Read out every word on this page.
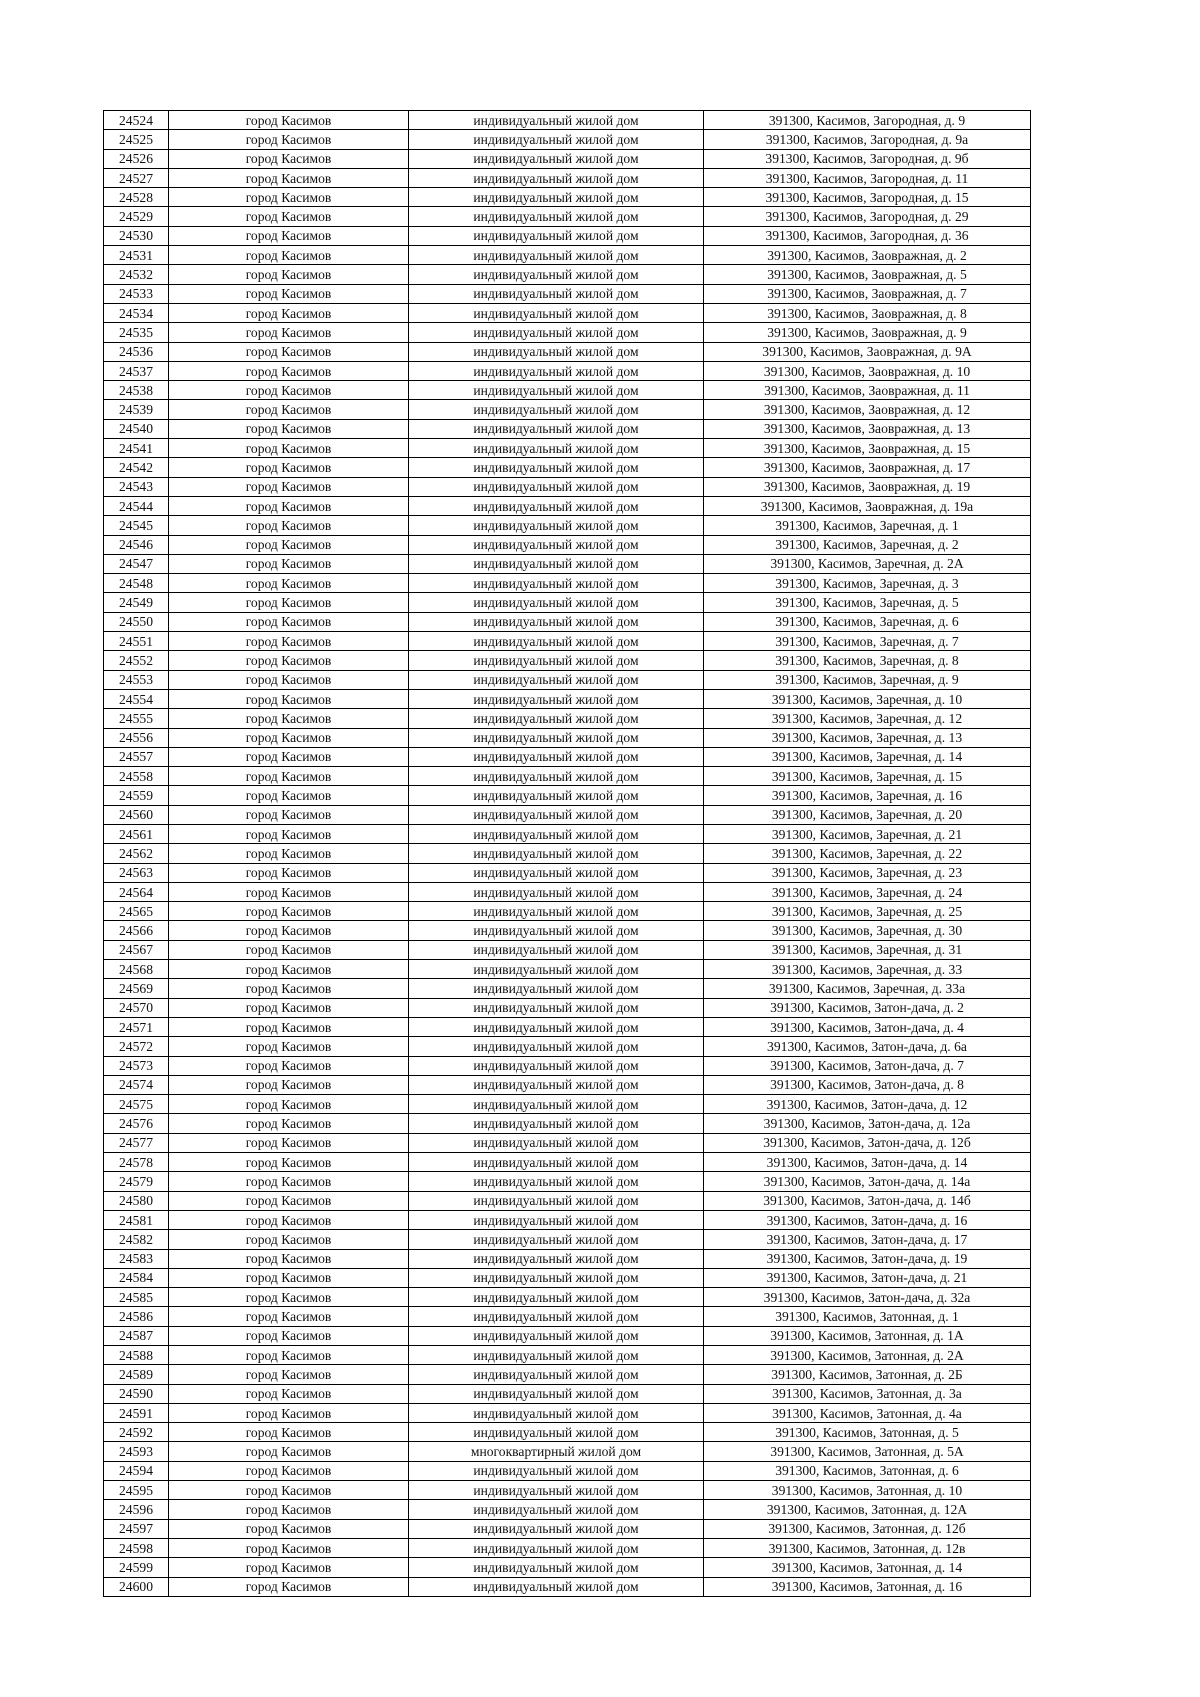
24524	город Касимов	индивидуальный жилой дом	391300, Касимов, Загородная, д. 9
24525	город Касимов	индивидуальный жилой дом	391300, Касимов, Загородная, д. 9а
24526	город Касимов	индивидуальный жилой дом	391300, Касимов, Загородная, д. 9б
24527	город Касимов	индивидуальный жилой дом	391300, Касимов, Загородная, д. 11
24528	город Касимов	индивидуальный жилой дом	391300, Касимов, Загородная, д. 15
24529	город Касимов	индивидуальный жилой дом	391300, Касимов, Загородная, д. 29
24530	город Касимов	индивидуальный жилой дом	391300, Касимов, Загородная, д. 36
24531	город Касимов	индивидуальный жилой дом	391300, Касимов, Заовражная, д. 2
24532	город Касимов	индивидуальный жилой дом	391300, Касимов, Заовражная, д. 5
24533	город Касимов	индивидуальный жилой дом	391300, Касимов, Заовражная, д. 7
24534	город Касимов	индивидуальный жилой дом	391300, Касимов, Заовражная, д. 8
24535	город Касимов	индивидуальный жилой дом	391300, Касимов, Заовражная, д. 9
24536	город Касимов	индивидуальный жилой дом	391300, Касимов, Заовражная, д. 9А
24537	город Касимов	индивидуальный жилой дом	391300, Касимов, Заовражная, д. 10
24538	город Касимов	индивидуальный жилой дом	391300, Касимов, Заовражная, д. 11
24539	город Касимов	индивидуальный жилой дом	391300, Касимов, Заовражная, д. 12
24540	город Касимов	индивидуальный жилой дом	391300, Касимов, Заовражная, д. 13
24541	город Касимов	индивидуальный жилой дом	391300, Касимов, Заовражная, д. 15
24542	город Касимов	индивидуальный жилой дом	391300, Касимов, Заовражная, д. 17
24543	город Касимов	индивидуальный жилой дом	391300, Касимов, Заовражная, д. 19
24544	город Касимов	индивидуальный жилой дом	391300, Касимов, Заовражная, д. 19а
24545	город Касимов	индивидуальный жилой дом	391300, Касимов, Заречная, д. 1
24546	город Касимов	индивидуальный жилой дом	391300, Касимов, Заречная, д. 2
24547	город Касимов	индивидуальный жилой дом	391300, Касимов, Заречная, д. 2А
24548	город Касимов	индивидуальный жилой дом	391300, Касимов, Заречная, д. 3
24549	город Касимов	индивидуальный жилой дом	391300, Касимов, Заречная, д. 5
24550	город Касимов	индивидуальный жилой дом	391300, Касимов, Заречная, д. 6
24551	город Касимов	индивидуальный жилой дом	391300, Касимов, Заречная, д. 7
24552	город Касимов	индивидуальный жилой дом	391300, Касимов, Заречная, д. 8
24553	город Касимов	индивидуальный жилой дом	391300, Касимов, Заречная, д. 9
24554	город Касимов	индивидуальный жилой дом	391300, Касимов, Заречная, д. 10
24555	город Касимов	индивидуальный жилой дом	391300, Касимов, Заречная, д. 12
24556	город Касимов	индивидуальный жилой дом	391300, Касимов, Заречная, д. 13
24557	город Касимов	индивидуальный жилой дом	391300, Касимов, Заречная, д. 14
24558	город Касимов	индивидуальный жилой дом	391300, Касимов, Заречная, д. 15
24559	город Касимов	индивидуальный жилой дом	391300, Касимов, Заречная, д. 16
24560	город Касимов	индивидуальный жилой дом	391300, Касимов, Заречная, д. 20
24561	город Касимов	индивидуальный жилой дом	391300, Касимов, Заречная, д. 21
24562	город Касимов	индивидуальный жилой дом	391300, Касимов, Заречная, д. 22
24563	город Касимов	индивидуальный жилой дом	391300, Касимов, Заречная, д. 23
24564	город Касимов	индивидуальный жилой дом	391300, Касимов, Заречная, д. 24
24565	город Касимов	индивидуальный жилой дом	391300, Касимов, Заречная, д. 25
24566	город Касимов	индивидуальный жилой дом	391300, Касимов, Заречная, д. 30
24567	город Касимов	индивидуальный жилой дом	391300, Касимов, Заречная, д. 31
24568	город Касимов	индивидуальный жилой дом	391300, Касимов, Заречная, д. 33
24569	город Касимов	индивидуальный жилой дом	391300, Касимов, Заречная, д. 33а
24570	город Касимов	индивидуальный жилой дом	391300, Касимов, Затон-дача, д. 2
24571	город Касимов	индивидуальный жилой дом	391300, Касимов, Затон-дача, д. 4
24572	город Касимов	индивидуальный жилой дом	391300, Касимов, Затон-дача, д. 6а
24573	город Касимов	индивидуальный жилой дом	391300, Касимов, Затон-дача, д. 7
24574	город Касимов	индивидуальный жилой дом	391300, Касимов, Затон-дача, д. 8
24575	город Касимов	индивидуальный жилой дом	391300, Касимов, Затон-дача, д. 12
24576	город Касимов	индивидуальный жилой дом	391300, Касимов, Затон-дача, д. 12а
24577	город Касимов	индивидуальный жилой дом	391300, Касимов, Затон-дача, д. 12б
24578	город Касимов	индивидуальный жилой дом	391300, Касимов, Затон-дача, д. 14
24579	город Касимов	индивидуальный жилой дом	391300, Касимов, Затон-дача, д. 14а
24580	город Касимов	индивидуальный жилой дом	391300, Касимов, Затон-дача, д. 14б
24581	город Касимов	индивидуальный жилой дом	391300, Касимов, Затон-дача, д. 16
24582	город Касимов	индивидуальный жилой дом	391300, Касимов, Затон-дача, д. 17
24583	город Касимов	индивидуальный жилой дом	391300, Касимов, Затон-дача, д. 19
24584	город Касимов	индивидуальный жилой дом	391300, Касимов, Затон-дача, д. 21
24585	город Касимов	индивидуальный жилой дом	391300, Касимов, Затон-дача, д. 32а
24586	город Касимов	индивидуальный жилой дом	391300, Касимов, Затонная, д. 1
24587	город Касимов	индивидуальный жилой дом	391300, Касимов, Затонная, д. 1А
24588	город Касимов	индивидуальный жилой дом	391300, Касимов, Затонная, д. 2А
24589	город Касимов	индивидуальный жилой дом	391300, Касимов, Затонная, д. 2Б
24590	город Касимов	индивидуальный жилой дом	391300, Касимов, Затонная, д. 3а
24591	город Касимов	индивидуальный жилой дом	391300, Касимов, Затонная, д. 4а
24592	город Касимов	индивидуальный жилой дом	391300, Касимов, Затонная, д. 5
24593	город Касимов	многоквартирный жилой дом	391300, Касимов, Затонная, д. 5А
24594	город Касимов	индивидуальный жилой дом	391300, Касимов, Затонная, д. 6
24595	город Касимов	индивидуальный жилой дом	391300, Касимов, Затонная, д. 10
24596	город Касимов	индивидуальный жилой дом	391300, Касимов, Затонная, д. 12А
24597	город Касимов	индивидуальный жилой дом	391300, Касимов, Затонная, д. 12б
24598	город Касимов	индивидуальный жилой дом	391300, Касимов, Затонная, д. 12в
24599	город Касимов	индивидуальный жилой дом	391300, Касимов, Затонная, д. 14
24600	город Касимов	индивидуальный жилой дом	391300, Касимов, Затонная, д. 16
